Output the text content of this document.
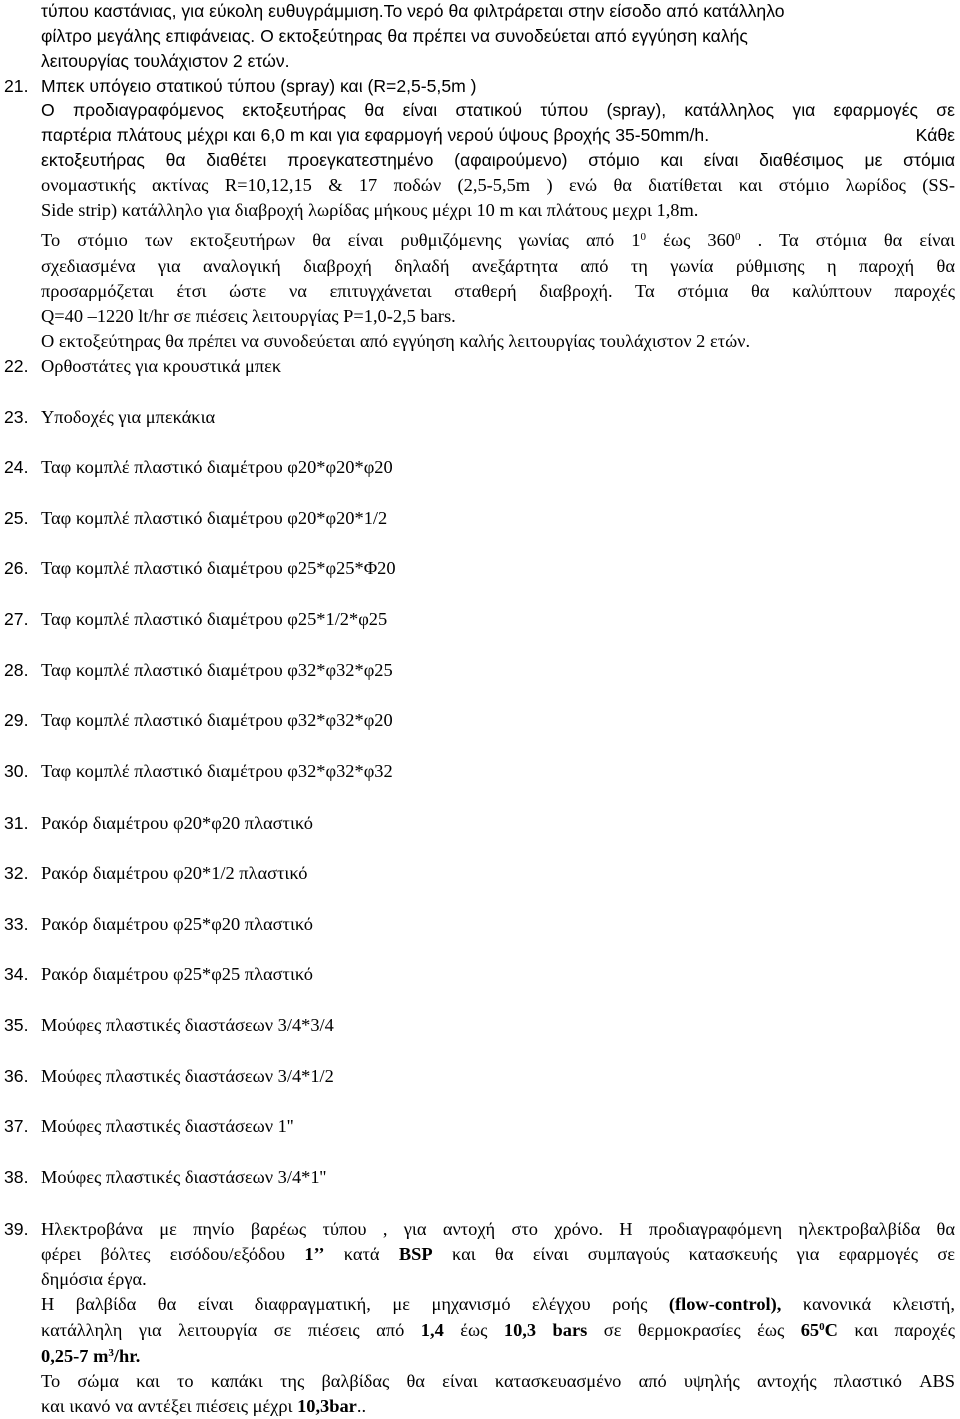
τύπου καστάνιας, για εύκολη ευθυγράμμιση.Το νερό θα φιλτράρεται στην είσοδο από κατάλληλο
φίλτρο μεγάλης επιφάνειας. Ο εκτοξεύτηρας θα πρέπει να συνοδεύεται από εγγύηση καλής
λειτουργίας τουλάχιστον 2 ετών.
21. Μπεκ υπόγειο στατικού τύπου (spray) και (R=2,5-5,5m )
Ο προδιαγραφόμενος εκτοξευτήρας θα είναι στατικού τύπου (spray), κατάλληλος για εφαρμογές σε
παρτέρια πλάτους μέχρι και 6,0 m και για εφαρμογή νερού ύψους βροχής 35-50mm/h.	Κάθε
εκτοξευτήρας θα διαθέτει προεγκατεστημένο (αφαιρούμενο) στόμιο και είναι διαθέσιμος με στόμια
ονομαστικής ακτίνας R=10,12,15 & 17 ποδών (2,5-5,5m ) ενώ θα διατίθεται και στόμιο λωρίδος (SS-
Side strip) κατάλληλο για διαβροχή λωρίδας μήκους μέχρι 10 m και πλάτους μεχρι 1,8m.
Το στόμιο των εκτοξευτήρων θα είναι ρυθμιζόμενης γωνίας από $1^0$ έως $360^0$ . Τα στόμια θα είναι
σχεδιασμένα για αναλογική διαβροχή δηλαδή ανεξάρτητα από τη γωνία ρύθμισης η παροχή θα
προσαρμόζεται έτσι ώστε να επιτυγχάνεται σταθερή διαβροχή. Τα στόμια θα καλύπτουν παροχές
Q=40 –1220 lt/hr σε πιέσεις λειτουργίας P=1,0-2,5 bars.
Ο εκτοξεύτηρας θα πρέπει να συνοδεύεται από εγγύηση καλής λειτουργίας τουλάχιστον 2 ετών.
22. Ορθοστάτες για κρουστικά μπεκ
23. Υποδοχές για μπεκάκια
24. Ταφ κομπλέ πλαστικό διαμέτρου φ20*φ20*φ20
25. Ταφ κομπλέ πλαστικό διαμέτρου φ20*φ20*1/2
26. Ταφ κομπλέ πλαστικό διαμέτρου φ25*φ25*Φ20
27. Ταφ κομπλέ πλαστικό διαμέτρου φ25*1/2*φ25
28. Ταφ κομπλέ πλαστικό διαμέτρου φ32*φ32*φ25
29. Ταφ κομπλέ πλαστικό διαμέτρου φ32*φ32*φ20
30. Ταφ κομπλέ πλαστικό διαμέτρου φ32*φ32*φ32
31. Ρακόρ διαμέτρου φ20*φ20 πλαστικό
32. Ρακόρ διαμέτρου φ20*1/2 πλαστικό
33. Ρακόρ διαμέτρου φ25*φ20 πλαστικό
34. Ρακόρ διαμέτρου φ25*φ25 πλαστικό
35. Μούφες πλαστικές διαστάσεων 3/4*3/4
36. Μούφες πλαστικές διαστάσεων 3/4*1/2
37. Μούφες πλαστικές διαστάσεων 1''
38. Μούφες πλαστικές διαστάσεων 3/4*1''
39. Ηλεκτροβάνα με πηνίο βαρέως τύπου , για αντοχή στο χρόνο. Η προδιαγραφόμενη ηλεκτροβαλβίδα θα
φέρει βόλτες εισόδου/εξόδου 1’’ κατά BSP και θα είναι συμπαγούς κατασκευής για εφαρμογές σε
δημόσια έργα.
Η βαλβίδα θα είναι διαφραγματική, με μηχανισμό ελέγχου ροής (flow-control), κανονικά κλειστή,
κατάλληλη για λειτουργία σε πιέσεις από 1,4 έως 10,3 bars σε θερμοκρασίες έως $65^0C$ και παροχές
0,25-7 $m^3/hr$.
Το σώμα και το καπάκι της βαλβίδας θα είναι κατασκευασμένο από υψηλής αντοχής πλαστικό ABS
και ικανό να αντέξει πιέσεις μέχρι 10,3bar..
